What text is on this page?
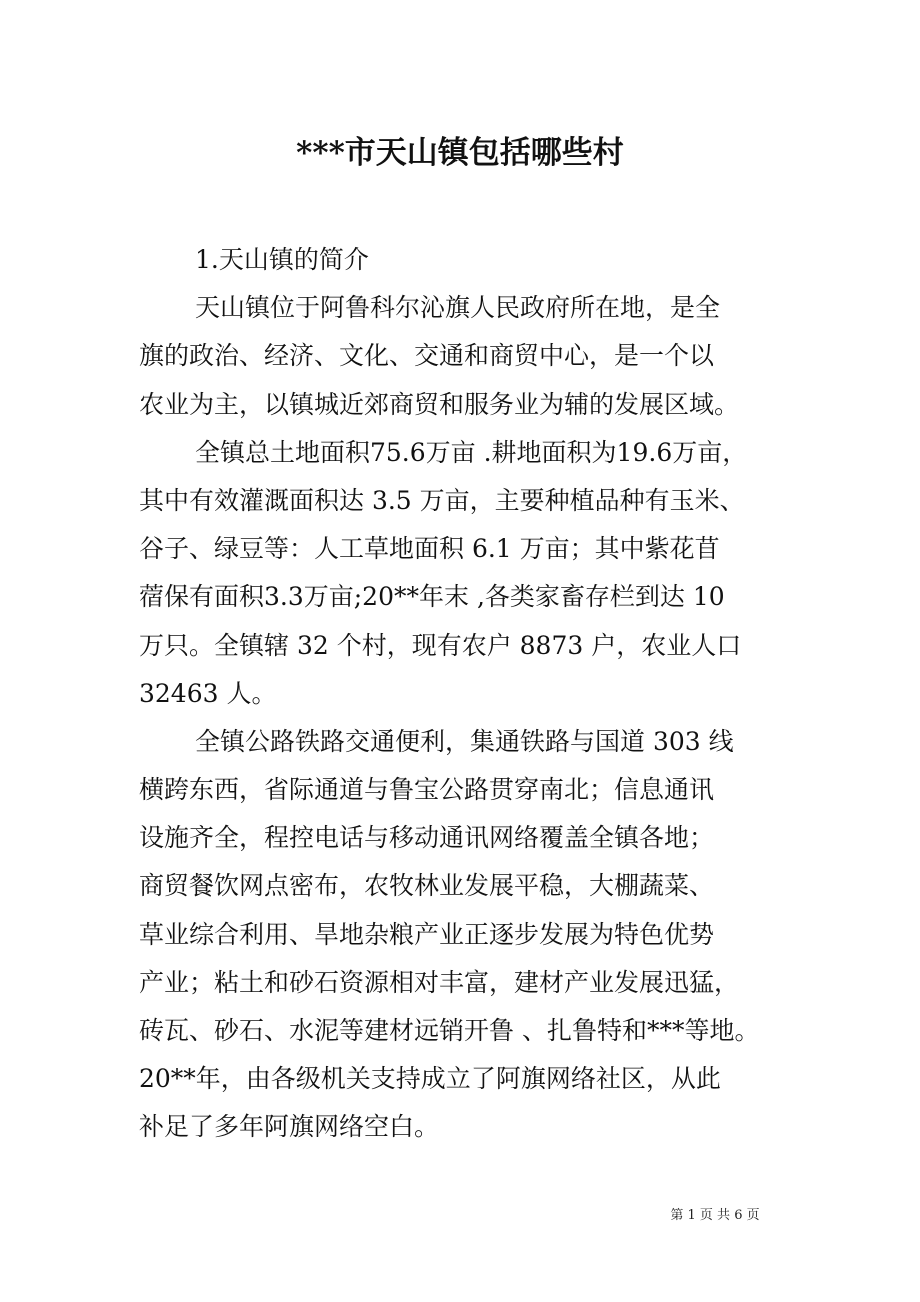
***市天山镇包括哪些村
1.天山镇的简介
天山镇位于阿鲁科尔沁旗人民政府所在地，是全
旗的政治、经济、文化、交通和商贸中心，是一个以
农业为主，以镇城近郊商贸和服务业为辅的发展区域。
全镇总土地面积75.6万亩 .耕地面积为19.6万亩，
其中有效灌溉面积达 3.5 万亩，主要种植品种有玉米、
谷子、绿豆等：人工草地面积 6.1 万亩；其中紫花苜
蓿保有面积3.3万亩;20**年末 ,各类家畜存栏到达 10
万只。全镇辖 32 个村，现有农户 8873 户，农业人口
32463 人。
全镇公路铁路交通便利，集通铁路与国道 303 线
横跨东西，省际通道与鲁宝公路贯穿南北；信息通讯
设施齐全，程控电话与移动通讯网络覆盖全镇各地；
商贸餐饮网点密布，农牧林业发展平稳，大棚蔬菜、
草业综合利用、旱地杂粮产业正逐步发展为特色优势
产业；粘土和砂石资源相对丰富，建材产业发展迅猛，
砖瓦、砂石、水泥等建材远销开鲁 、扎鲁特和***等地。
20**年，由各级机关支持成立了阿旗网络社区，从此
补足了多年阿旗网络空白。
第 1 页 共 6 页
